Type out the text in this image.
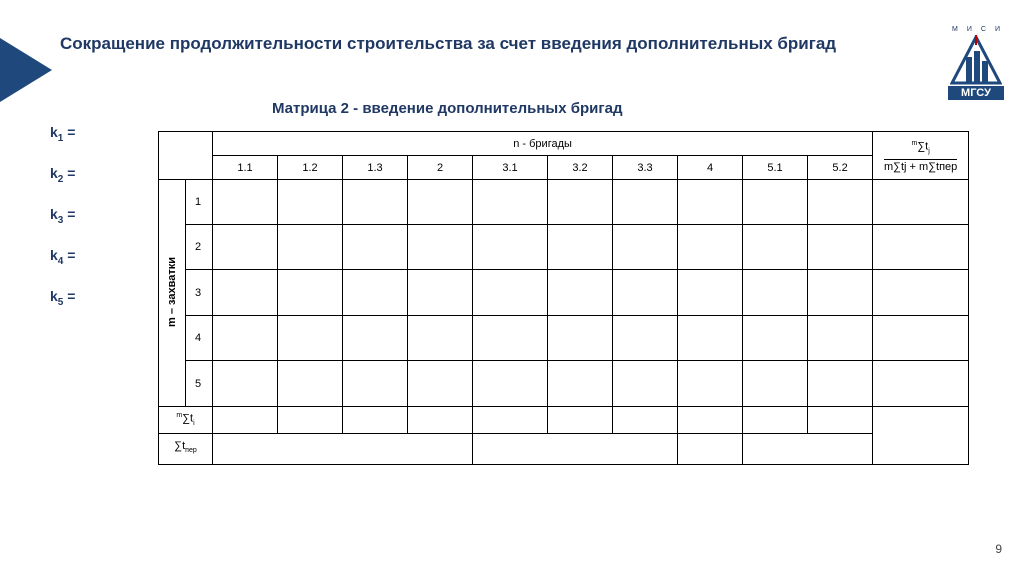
Сокращение продолжительности строительства за счет введения дополнительных бригад
М И С И
МГСУ
Матрица 2 - введение дополнительных бригад
$k_1$ =
$k_2$ =
$k_3$ =
$k_4$ =
$k_5$ =
		n - бригады										$\frac{^m\sum t_j}{\text{m∑tj + m∑tпер}}$

		1.1	1.2	1.3	2	3.1	3.2	3.3	4	5.1	5.2	
m – захватки	1											
	2											
	3											
	4											
	5											
$^m\sum t_i$											
$\sum t_{пер}$				
9
